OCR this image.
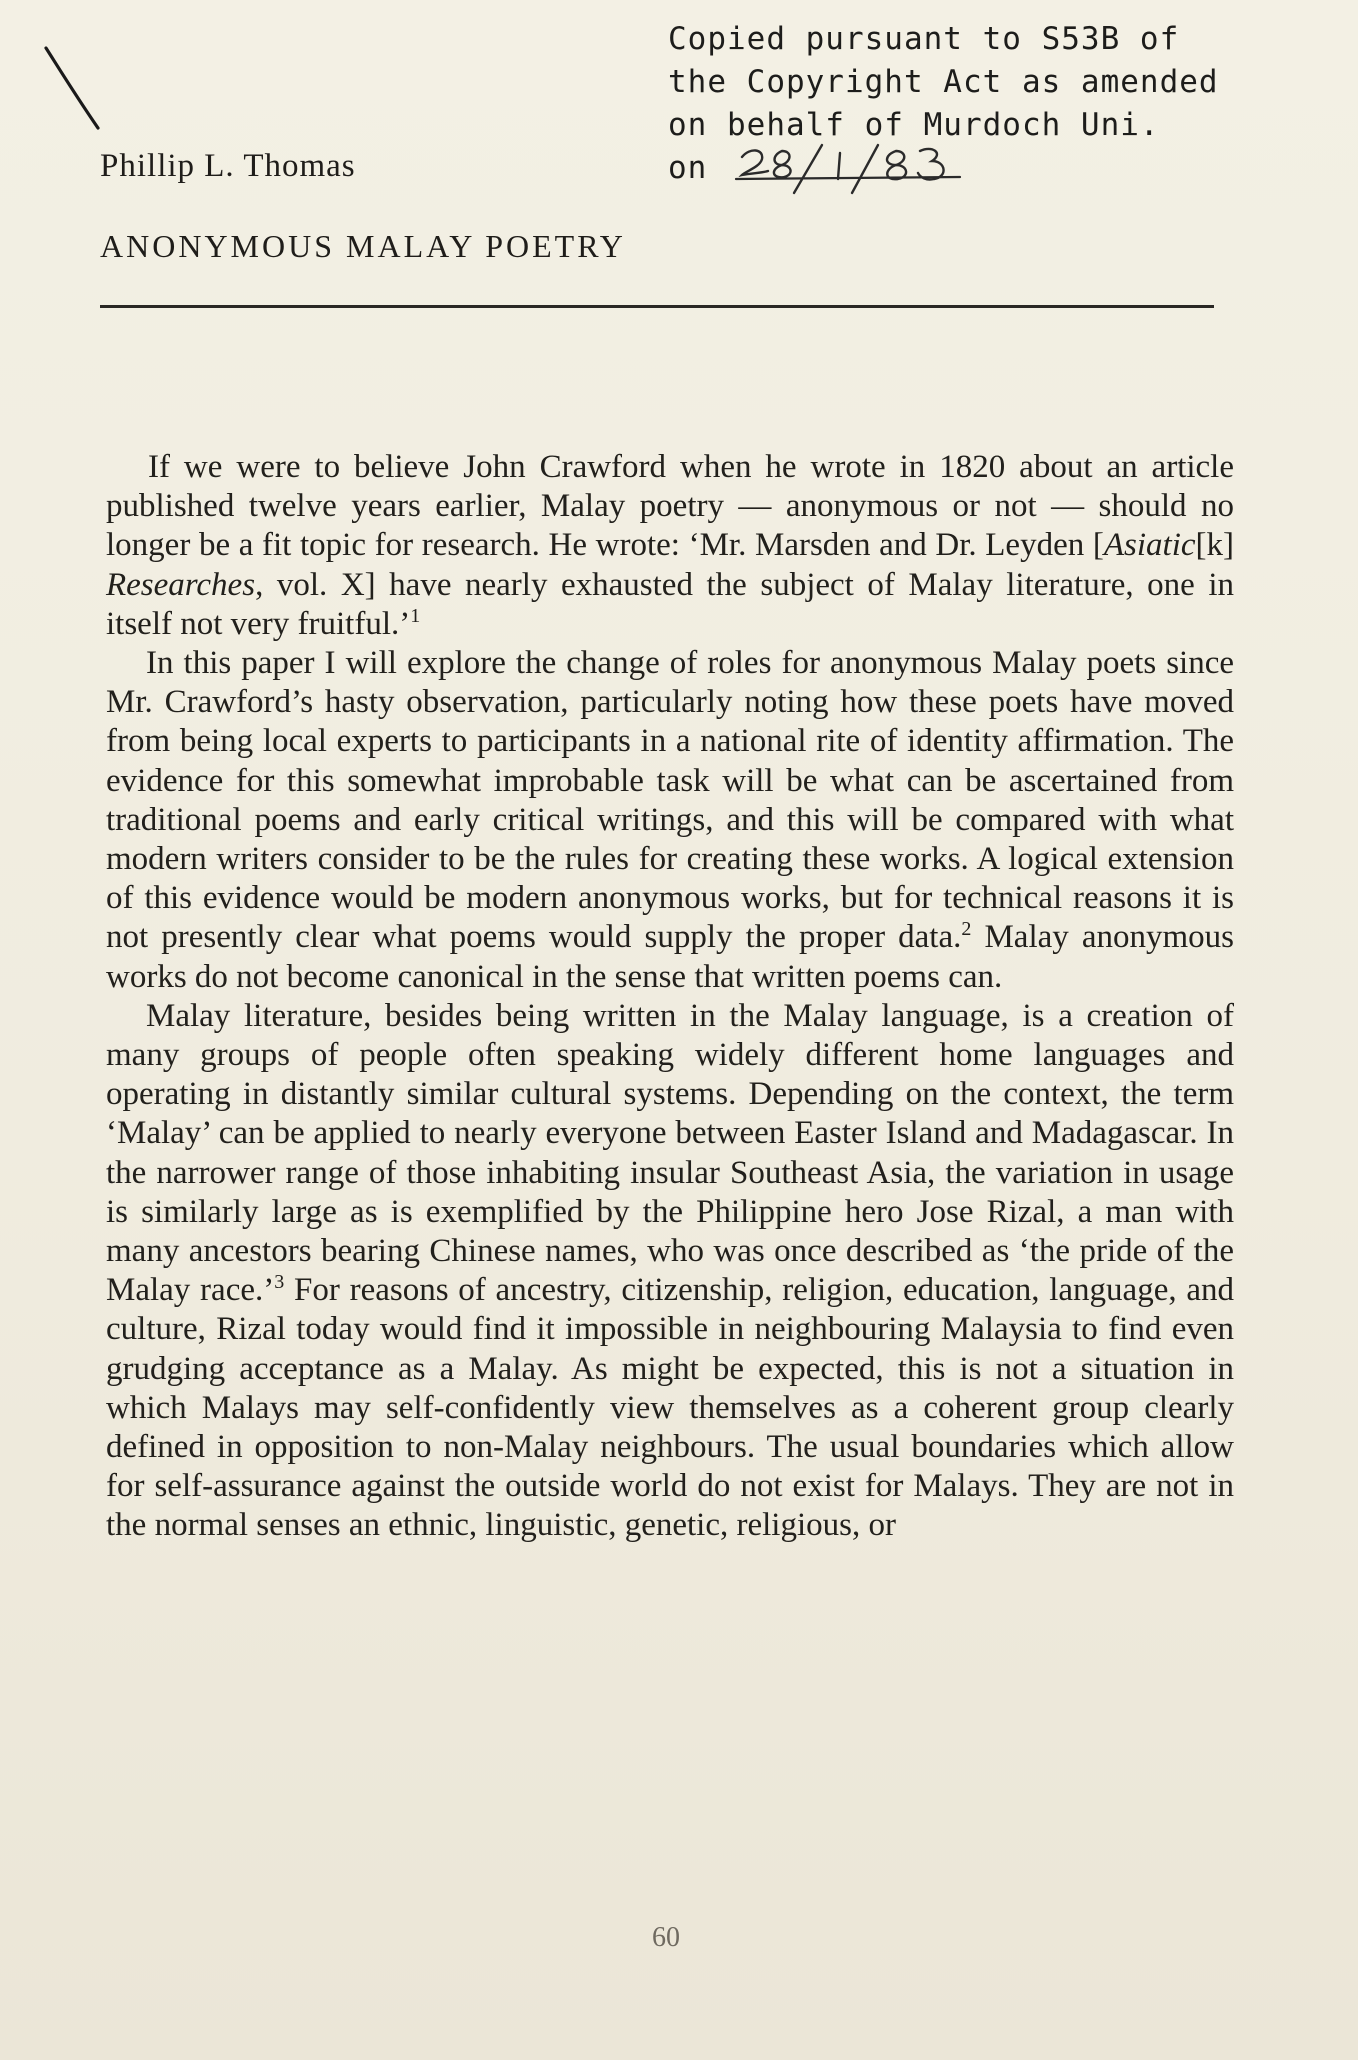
Copied pursuant to S53B of
the Copyright Act as amended
on behalf of Murdoch Uni.
on
Phillip L. Thomas
ANONYMOUS MALAY POETRY

If we were to believe John Crawford when he wrote in 1820 about an article published twelve years earlier, Malay poetry — anonymous or not — should no longer be a fit topic for research. He wrote: ‘Mr. Marsden and Dr. Leyden [Asiatic[k] Researches, vol. X] have nearly exhausted the subject of Malay literature, one in itself not very fruitful.’$^1$

In this paper I will explore the change of roles for anonymous Malay poets since Mr. Crawford’s hasty observation, particularly noting how these poets have moved from being local experts to participants in a national rite of identity affirmation. The evidence for this somewhat improbable task will be what can be ascertained from traditional poems and early critical writings, and this will be compared with what modern writers consider to be the rules for creating these works. A logical extension of this evidence would be modern anonymous works, but for technical reasons it is not presently clear what poems would supply the proper data.$^2$ Malay anonymous works do not become canonical in the sense that written poems can.

Malay literature, besides being written in the Malay language, is a creation of many groups of people often speaking widely different home languages and operating in distantly similar cultural systems. Depending on the context, the term ‘Malay’ can be applied to nearly everyone between Easter Island and Madagascar. In the narrower range of those inhabiting insular Southeast Asia, the variation in usage is similarly large as is exemplified by the Philippine hero Jose Rizal, a man with many ancestors bearing Chinese names, who was once described as ‘the pride of the Malay race.’$^3$ For reasons of ancestry, citizenship, religion, education, language, and culture, Rizal today would find it impossible in neighbouring Malaysia to find even grudging acceptance as a Malay. As might be expected, this is not a situation in which Malays may self-confidently view themselves as a coherent group clearly defined in opposition to non-Malay neighbours. The usual boundaries which allow for self-assurance against the outside world do not exist for Malays. They are not in the normal senses an ethnic, linguistic, genetic, religious, or

60
